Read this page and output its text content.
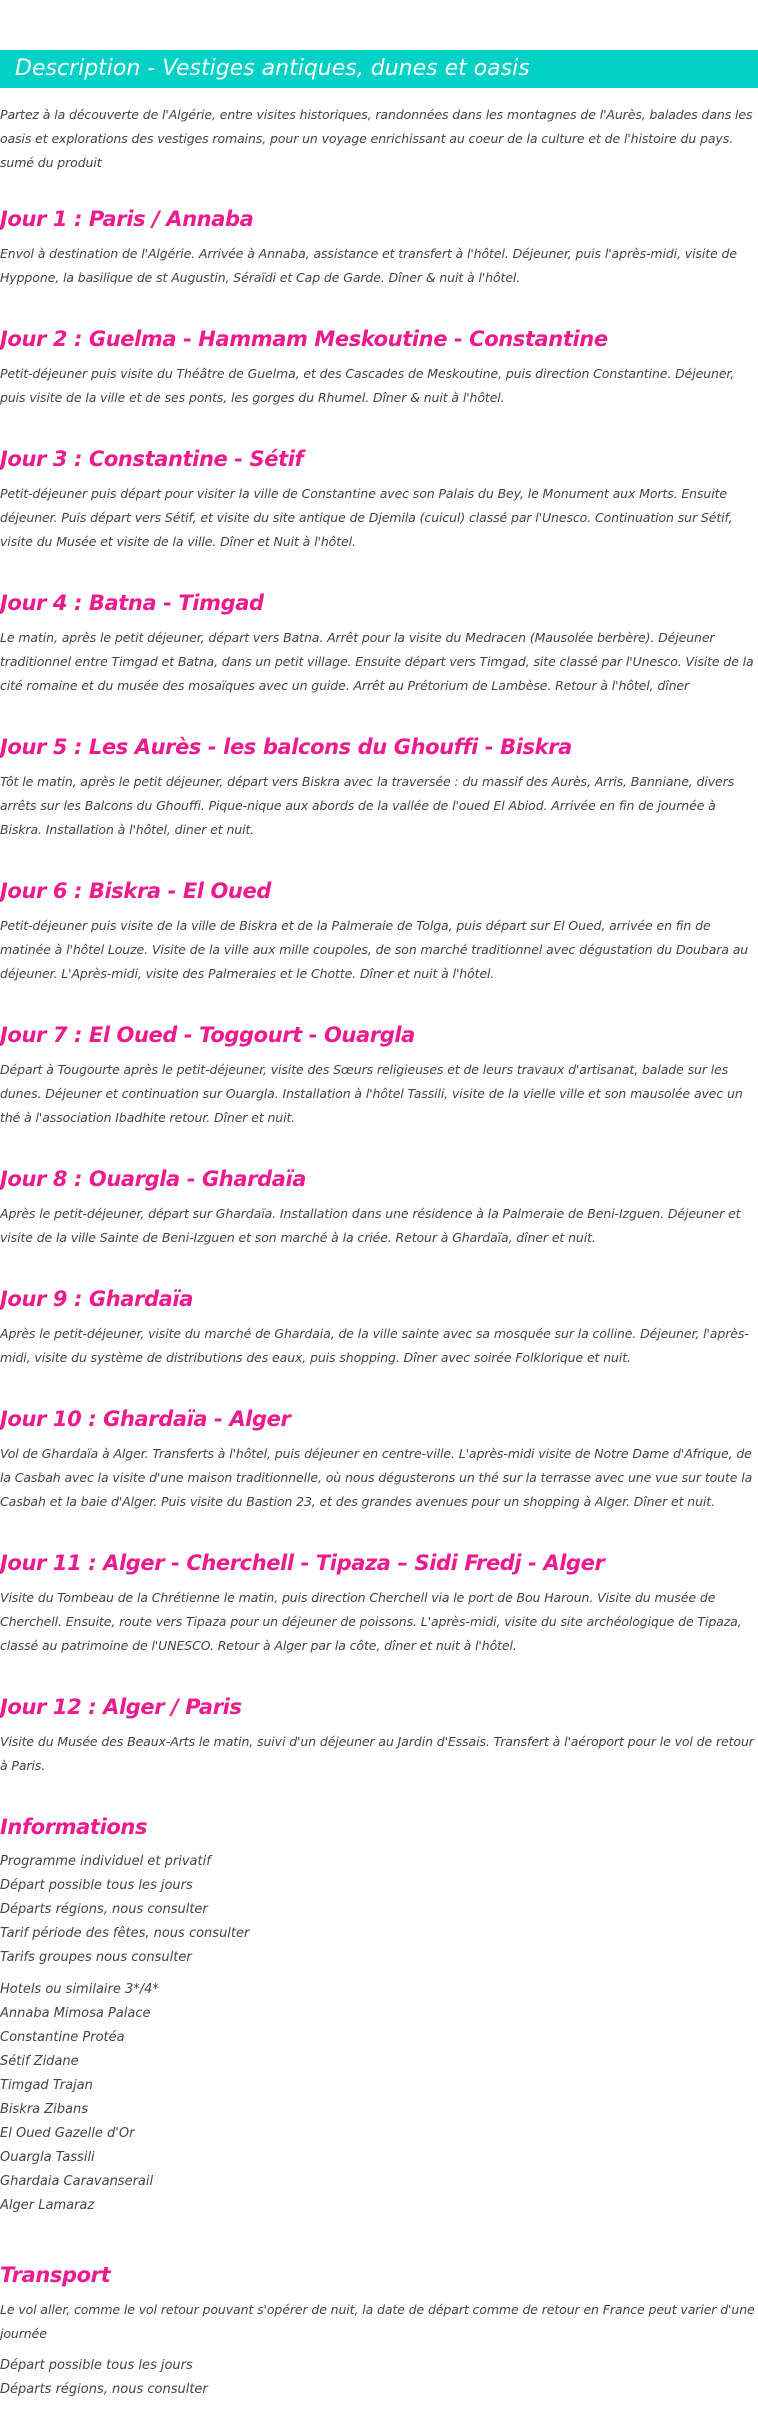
Description - Vestiges antiques, dunes et oasis

Partez à la découverte de l'Algérie, entre visites historiques, randonnées dans les montagnes de l'Aurès, balades dans les oasis et explorations des vestiges romains, pour un voyage enrichissant au coeur de la culture et de l'histoire du pays. sumé du produit

Jour 1 : Paris / Annaba

Envol à destination de l'Algérie. Arrivée à Annaba, assistance et transfert à l'hôtel. Déjeuner, puis l'après-midi, visite de Hyppone, la basilique de st Augustin, Séraïdi et Cap de Garde. Dîner & nuit à l'hôtel.

Jour 2 : Guelma - Hammam Meskoutine - Constantine

Petit-déjeuner puis visite du Théâtre de Guelma, et des Cascades de Meskoutine, puis direction Constantine. Déjeuner, puis visite de la ville et de ses ponts, les gorges du Rhumel. Dîner & nuit à l'hôtel.

Jour 3 : Constantine - Sétif

Petit-déjeuner puis départ pour visiter la ville de Constantine avec son Palais du Bey, le Monument aux Morts. Ensuite déjeuner. Puis départ vers Sétif, et visite du site antique de Djemila (cuicul) classé par l'Unesco. Continuation sur Sétif, visite du Musée et visite de la ville. Dîner et Nuit à l'hôtel.

Jour 4 : Batna - Timgad

Le matin, après le petit déjeuner, départ vers Batna. Arrêt pour la visite du Medracen (Mausolée berbère). Déjeuner traditionnel entre Timgad et Batna, dans un petit village. Ensuite départ vers Timgad, site classé par l'Unesco. Visite de la cité romaine et du musée des mosaïques avec un guide. Arrêt au Prétorium de Lambèse. Retour à l'hôtel, dîner

Jour 5 : Les Aurès - les balcons du Ghouffi - Biskra

Tôt le matin, après le petit déjeuner, départ vers Biskra avec la traversée : du massif des Aurès, Arris, Banniane, divers arrêts sur les Balcons du Ghouffi. Pique-nique aux abords de la vallée de l'oued El Abiod. Arrivée en fin de journée à Biskra. Installation à l'hôtel, diner et nuit.

Jour 6 : Biskra - El Oued

Petit-déjeuner puis visite de la ville de Biskra et de la Palmeraie de Tolga, puis départ sur El Oued, arrivée en fin de matinée à l'hôtel Louze. Visite de la ville aux mille coupoles, de son marché traditionnel avec dégustation du Doubara au déjeuner. L'Après-midi, visite des Palmeraies et le Chotte. Dîner et nuit à l'hôtel.

Jour 7 : El Oued - Toggourt - Ouargla

Départ à Tougourte après le petit-déjeuner, visite des Sœurs religieuses et de leurs travaux d'artisanat, balade sur les dunes. Déjeuner et continuation sur Ouargla. Installation à l'hôtel Tassili, visite de la vielle ville et son mausolée avec un thé à l'association Ibadhite retour. Dîner et nuit.

Jour 8 : Ouargla - Ghardaïa

Après le petit-déjeuner, départ sur Ghardaïa. Installation dans une résidence à la Palmeraie de Beni-Izguen. Déjeuner et visite de la ville Sainte de Beni-Izguen et son marché à la criée. Retour à Ghardaïa, dîner et nuit.

Jour 9 : Ghardaïa

Après le petit-déjeuner, visite du marché de Ghardaia, de la ville sainte avec sa mosquée sur la colline. Déjeuner, l'après-midi, visite du système de distributions des eaux, puis shopping. Dîner avec soirée Folklorique et nuit.

Jour 10 : Ghardaïa - Alger

Vol de Ghardaïa à Alger. Transferts à l'hôtel, puis déjeuner en centre-ville. L'après-midi visite de Notre Dame d'Afrique, de la Casbah avec la visite d'une maison traditionnelle, où nous dégusterons un thé sur la terrasse avec une vue sur toute la Casbah et la baie d'Alger. Puis visite du Bastion 23, et des grandes avenues pour un shopping à Alger. Dîner et nuit.

Jour 11 : Alger - Cherchell - Tipaza – Sidi Fredj - Alger

Visite du Tombeau de la Chrétienne le matin, puis direction Cherchell via le port de Bou Haroun. Visite du musée de Cherchell. Ensuite, route vers Tipaza pour un déjeuner de poissons. L'après-midi, visite du site archéologique de Tipaza, classé au patrimoine de l'UNESCO. Retour à Alger par la côte, dîner et nuit à l'hôtel.

Jour 12 : Alger / Paris

Visite du Musée des Beaux-Arts le matin, suivi d'un déjeuner au Jardin d'Essais. Transfert à l'aéroport pour le vol de retour à Paris.

Informations
Programme individuel et privatif
Départ possible tous les jours
Départs régions, nous consulter
Tarif période des fêtes, nous consulter
Tarifs groupes nous consulter
Hotels ou similaire 3*/4*
Annaba Mimosa Palace
Constantine Protéa
Sétif Zidane
Timgad Trajan
Biskra Zibans
El Oued Gazelle d'Or
Ouargla Tassili
Ghardaia Caravanserail
Alger Lamaraz
Transport

Le vol aller, comme le vol retour pouvant s'opérer de nuit, la date de départ comme de retour en France peut varier d'une journée

Départ possible tous les jours
Départs régions, nous consulter
